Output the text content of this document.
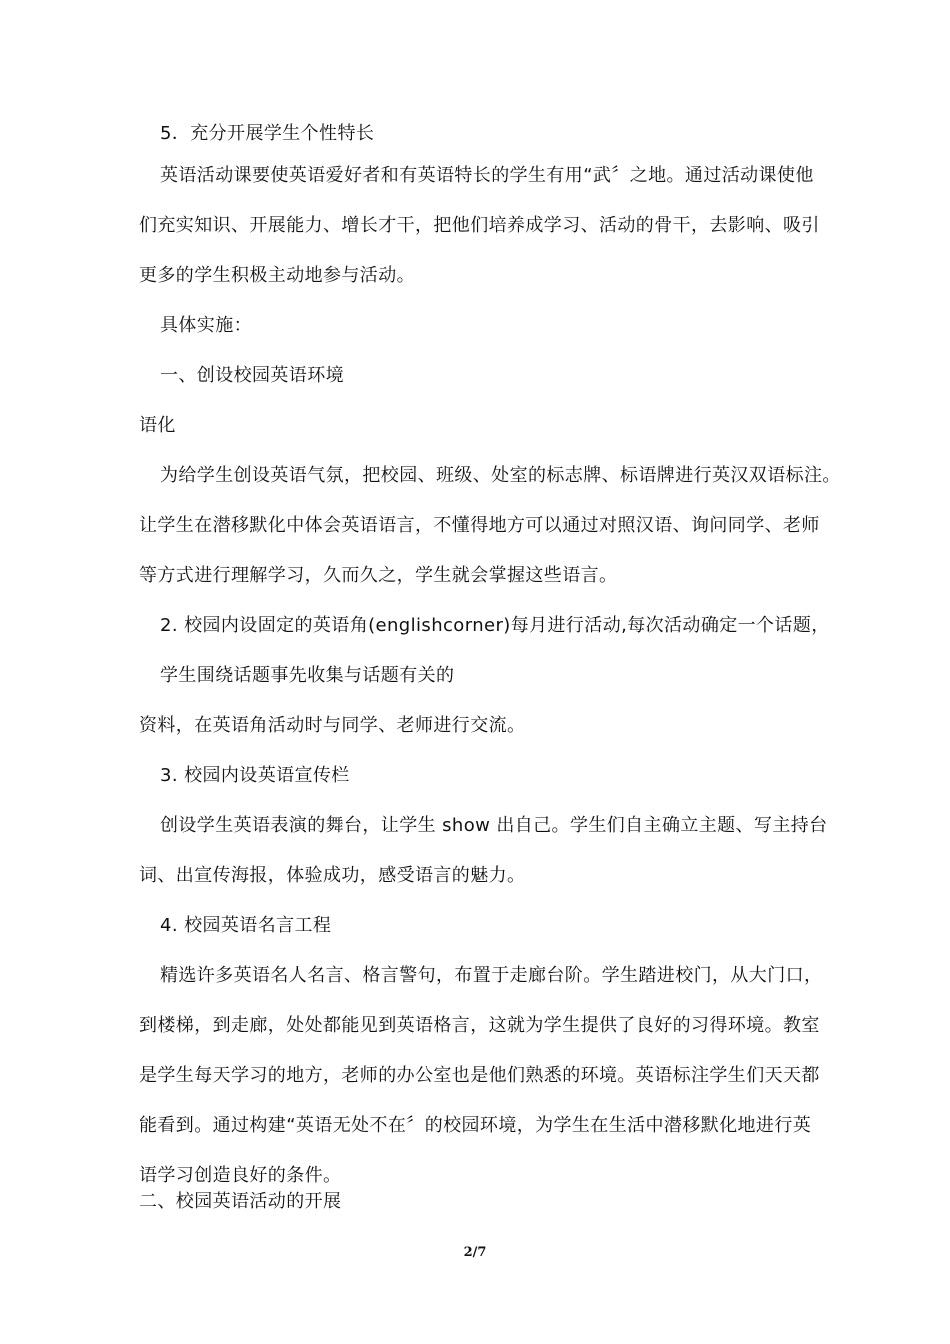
5．充分开展学生个性特长
英语活动课要使英语爱好者和有英语特长的学生有用“武〞之地。通过活动课使他
们充实知识、开展能力、增长才干，把他们培养成学习、活动的骨干，去影响、吸引
更多的学生积极主动地参与活动。
具体实施：
一、创设校园英语环境
语化
为给学生创设英语气氛，把校园、班级、处室的标志牌、标语牌进行英汉双语标注。
让学生在潜移默化中体会英语语言，不懂得地方可以通过对照汉语、询问同学、老师
等方式进行理解学习，久而久之，学生就会掌握这些语言。
2. 校园内设固定的英语角(englishcorner)每月进行活动,每次活动确定一个话题，
学生围绕话题事先收集与话题有关的
资料，在英语角活动时与同学、老师进行交流。
3. 校园内设英语宣传栏
创设学生英语表演的舞台，让学生 show 出自己。学生们自主确立主题、写主持台
词、出宣传海报，体验成功，感受语言的魅力。
4. 校园英语名言工程
精选许多英语名人名言、格言警句，布置于走廊台阶。学生踏进校门，从大门口，
到楼梯，到走廊，处处都能见到英语格言，这就为学生提供了良好的习得环境。教室
是学生每天学习的地方，老师的办公室也是他们熟悉的环境。英语标注学生们天天都
能看到。通过构建“英语无处不在〞的校园环境，为学生在生活中潜移默化地进行英
语学习创造良好的条件。
二、校园英语活动的开展
2/7
